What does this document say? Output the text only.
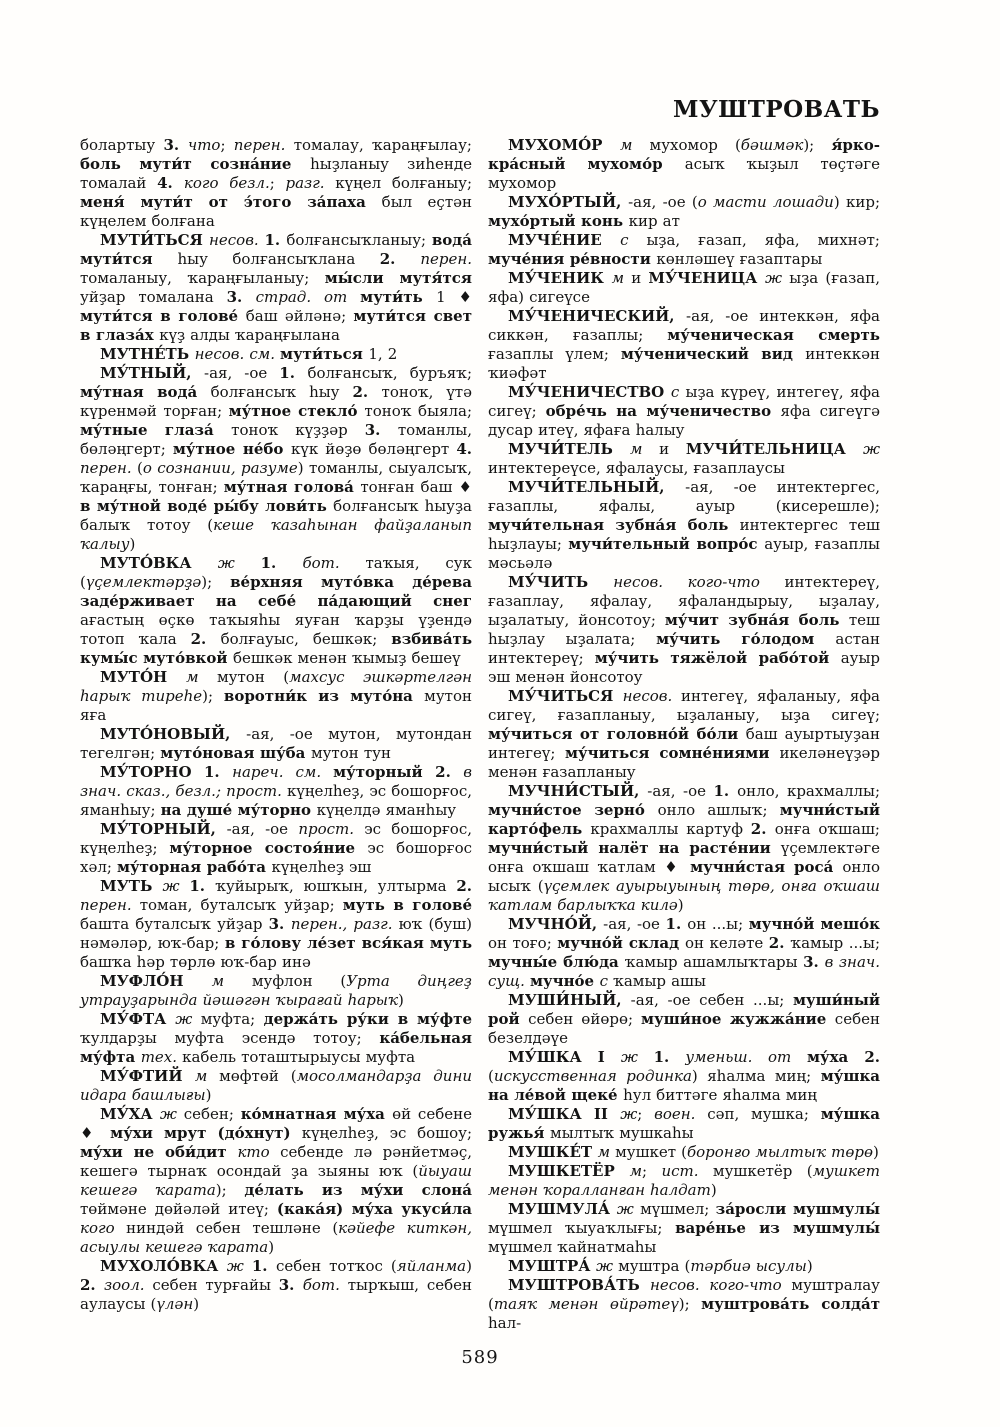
МУШТРОВАТЬ

болартыу 3. что; перен. томалау, ҡараңғылау; боль мути́т созна́ние һыҙланыу зиһенде томалай 4. кого безл.; разг. күңел болғаныу; меня́ мути́т от э́того за́паха был еҫтән күңелем болғана

МУТИ́ТЬСЯ несов. 1. болғансыҡланыу; вода́ мути́тся һыу болғансыҡлана 2. перен. томаланыу, ҡараңғыланыу; мы́сли мутя́тся уйҙар томалана 3. страд. от мути́ть 1 ♦ мути́тся в голове́ баш әйләнә; мути́тся свет в глаза́х күҙ алды ҡараңғылана

МУТНЕ́ТЬ несов. см. мути́ться 1, 2

МУ́ТНЫЙ, -ая, -ое 1. болғансыҡ, буръяҡ; му́тная вода́ болғансыҡ һыу 2. тоноҡ, үтә күренмәй торған; му́тное стекло́ тоноҡ быяла; му́тные глаза́ тоноҡ күҙҙәр 3. томанлы, бөләңгерт; му́тное не́бо күк йөҙө бөләңгерт 4. перен. (о сознании, разуме) томанлы, сыуалсыҡ, ҡараңғы, тонған; му́тная голова́ тонған баш ♦ в му́тной воде́ ры́бу лови́ть болғансыҡ һыуҙа балыҡ тотоу (кеше ҡазаһынан файҙаланып ҡалыу)

МУТО́ВКА ж 1. бот. таҡыя, сук (үҫемлектәрҙә); ве́рхняя муто́вка де́рева заде́рживает на себе́ па́дающий снег ағастың өҫкө таҡыяһы яуған ҡарҙы үҙендә тотоп ҡала 2. болғауыс, бешкәк; взбива́ть кумы́с муто́вкой бешкәк менән ҡымыҙ бешеү

МУТО́Н м мутон (махсус эшкәртелгән һарыҡ тиреһе); воротни́к из муто́на мутон яға

МУТО́НОВЫЙ, -ая, -ое мутон, мутондан тегелгән; муто́новая шу́ба мутон тун

МУ́ТОРНО 1. нареч. см. му́торный 2. в знач. сказ., безл.; прост. күңелһеҙ, эс бошорғос, яманһыу; на душе́ му́торно күңелдә яманһыу

МУ́ТОРНЫЙ, -ая, -ое прост. эс бошорғос, күңелһеҙ; му́торное состоя́ние эс бошорғос хәл; му́торная рабо́та күңелһеҙ эш

МУТЬ ж 1. ҡуйырыҡ, юшҡын, ултырма 2. перен. томан, буталсыҡ уйҙар; муть в голове́ башта буталсыҡ уйҙар 3. перен., разг. юҡ (буш) нәмәләр, юҡ-бар; в го́лову ле́зет вся́кая муть башҡа һәр төрлө юҡ-бар инә

МУФЛО́Н м муфлон (Урта диңгеҙ утрауҙарында йәшәгән ҡырағай һарыҡ)

МУ́ФТА ж муфта; держа́ть ру́ки в му́фте ҡулдарҙы муфта эсендә тотоу; ка́бельная му́фта тех. кабель тоташтырыусы муфта

МУ́ФТИЙ м мөфтөй (мосолмандарҙа дини идара башлығы)

МУ́ХА ж себен; ко́мнатная му́ха өй себене ♦ му́хи мрут (до́хнут) күңелһеҙ, эс бошоу; му́хи не оби́дит кто себенде лә рәнйетмәҫ, кешегә тырнаҡ осондай ҙа зыяны юҡ (йыуаш кешегә ҡарата); де́лать из му́хи слона́ төймәне дөйәләй итеү; (кака́я) му́ха укуси́ла кого ниндәй себен тешләне (кәйефе киткән, асыулы кешегә ҡарата)

МУХОЛО́ВКА ж 1. себен тотҡос (яйланма) 2. зоол. себен турғайы 3. бот. тырҡыш, себен аулаусы (үлән)

МУХОМО́Р м мухомор (бәшмәк); я́рко-кра́сный мухомо́р асыҡ ҡыҙыл төҫтәге мухомор

МУХО́РТЫЙ, -ая, -ое (о масти лошади) кир; мухо́ртый конь кир ат

МУЧЕ́НИЕ с ыҙа, ғазап, яфа, михнәт; муче́ния ре́вности көнләшеү ғазаптары

МУ́ЧЕНИК м и МУ́ЧЕНИЦА ж ыҙа (ғазап, яфа) сигеүсе

МУ́ЧЕНИЧЕСКИЙ, -ая, -ое интеккән, яфа сиккән, ғазаплы; му́ченическая смерть ғазаплы үлем; му́ченический вид интеккән ҡиәфәт

МУ́ЧЕНИЧЕСТВО с ыҙа күреү, интегеү, яфа сигеү; обре́чь на му́ченичество яфа сигеүгә дусар итеү, яфаға һалыу

МУЧИ́ТЕЛЬ м и МУЧИ́ТЕЛЬНИЦА ж интектереүсе, яфалаусы, ғазаплаусы

МУЧИ́ТЕЛЬНЫЙ, -ая, -ое интектергес, ғазаплы, яфалы, ауыр (кисерешле); мучи́тельная зубна́я боль интектергес теш һыҙлауы; мучи́тельный вопро́с ауыр, ғазаплы мәсьәлә

МУ́ЧИТЬ несов. кого-что интектереү, ғазаплау, яфалау, яфаландырыу, ыҙалау, ыҙалатыу, йонсотоу; му́чит зубна́я боль теш һыҙлау ыҙалата; му́чить го́лодом астан интектереү; му́чить тяжёлой рабо́той ауыр эш менән йонсотоу

МУ́ЧИТЬСЯ несов. интегеү, яфаланыу, яфа сигеү, ғазапланыу, ыҙаланыу, ыҙа сигеү; му́читься от головно́й бо́ли баш ауыртыуҙан интегеү; му́читься сомне́ниями икеләнеүҙәр менән ғазапланыу

МУЧНИ́СТЫЙ, -ая, -ое 1. онло, крахмаллы; мучни́стое зерно́ онло ашлыҡ; мучни́стый карто́фель крахмаллы картуф 2. онға оҡшаш; мучни́стый налёт на расте́нии үҫемлектәге онға оҡшаш ҡатлам ♦ мучни́стая роса́ онло ысыҡ (үҫемлек ауырыуының төрө, онға оҡшаш ҡатлам барлыҡҡа килә)

МУЧНО́Й, -ая, -ое 1. он ...ы; мучно́й мешо́к он тоғо; мучно́й склад он келәте 2. ҡамыр ...ы; мучны́е блю́да ҡамыр ашамлыҡтары 3. в знач. сущ. мучно́е с ҡамыр ашы

МУШИ́НЫЙ, -ая, -ое себен ...ы; муши́ный рой себен өйөрө; муши́ное жужжа́ние себен безелдәүе

МУ́ШКА I ж 1. уменьш. от му́ха 2. (искусственная родинка) яһалма миң; му́шка на ле́вой щеке́ һул биттәге яһалма миң

МУ́ШКА II ж; воен. сәп, мушка; му́шка ружья́ мылтыҡ мушкаһы

МУШКЕ́Т м мушкет (боронғо мылтыҡ төрө)

МУШКЕТЁР м; ист. мушкетёр (мушкет менән ҡоралланған һалдат)

МУШМУЛА́ ж мүшмел; за́росли мушмулы́ мүшмел ҡыуаҡлығы; варе́нье из мушмулы́ мүшмел ҡайнатмаһы

МУШТРА́ ж муштра (тәрбиә ысулы)

МУШТРОВА́ТЬ несов. кого-что муштралау (таяҡ менән өйрәтеү); муштрова́ть солда́т һал-

589
